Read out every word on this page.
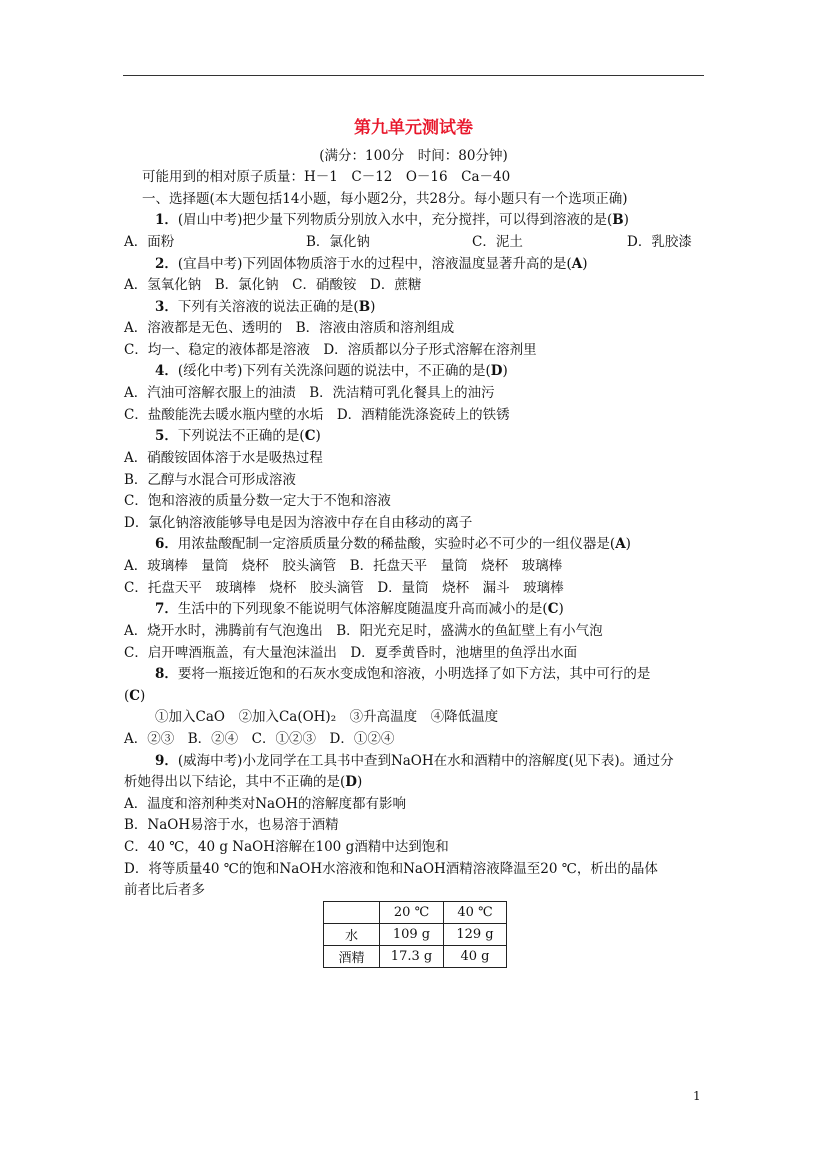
第九单元测试卷
(满分：100分　时间：80分钟)
可能用到的相对原子质量：H－1　C－12　O－16　Ca－40
一、选择题(本大题包括14小题，每小题2分，共28分。每小题只有一个选项正确)
1．(眉山中考)把少量下列物质分别放入水中，充分搅拌，可以得到溶液的是(B)
A．面粉	B．氯化钠	C．泥土	D．乳胶漆
2．(宜昌中考)下列固体物质溶于水的过程中，溶液温度显著升高的是(A)
A．氢氧化钠　B．氯化钠　C．硝酸铵　D．蔗糖
3．下列有关溶液的说法正确的是(B)
A．溶液都是无色、透明的　B．溶液由溶质和溶剂组成
C．均一、稳定的液体都是溶液　D．溶质都以分子形式溶解在溶剂里
4．(绥化中考)下列有关洗涤问题的说法中，不正确的是(D)
A．汽油可溶解衣服上的油渍　B．洗洁精可乳化餐具上的油污
C．盐酸能洗去暖水瓶内壁的水垢　D．酒精能洗涤瓷砖上的铁锈
5．下列说法不正确的是(C)
A．硝酸铵固体溶于水是吸热过程
B．乙醇与水混合可形成溶液
C．饱和溶液的质量分数一定大于不饱和溶液
D．氯化钠溶液能够导电是因为溶液中存在自由移动的离子
6．用浓盐酸配制一定溶质质量分数的稀盐酸，实验时必不可少的一组仪器是(A)
A．玻璃棒　量筒　烧杯　胶头滴管　B．托盘天平　量筒　烧杯　玻璃棒
C．托盘天平　玻璃棒　烧杯　胶头滴管　D．量筒　烧杯　漏斗　玻璃棒
7．生活中的下列现象不能说明气体溶解度随温度升高而减小的是(C)
A．烧开水时，沸腾前有气泡逸出　B．阳光充足时，盛满水的鱼缸壁上有小气泡
C．启开啤酒瓶盖，有大量泡沫溢出　D．夏季黄昏时，池塘里的鱼浮出水面
8．要将一瓶接近饱和的石灰水变成饱和溶液，小明选择了如下方法，其中可行的是
(C)
①加入CaO　②加入Ca(OH)₂　③升高温度　④降低温度
A．②③　B．②④　C．①②③　D．①②④
9．(威海中考)小龙同学在工具书中查到NaOH在水和酒精中的溶解度(见下表)。通过分
析她得出以下结论，其中不正确的是(D)
A．温度和溶剂种类对NaOH的溶解度都有影响
B．NaOH易溶于水，也易溶于酒精
C．40 ℃，40 g NaOH溶解在100 g酒精中达到饱和
D．将等质量40 ℃的饱和NaOH水溶液和饱和NaOH酒精溶液降温至20 ℃，析出的晶体
前者比后者多
	20 ℃	40 ℃
水	109 g	129 g
酒精	17.3 g	40 g
1
